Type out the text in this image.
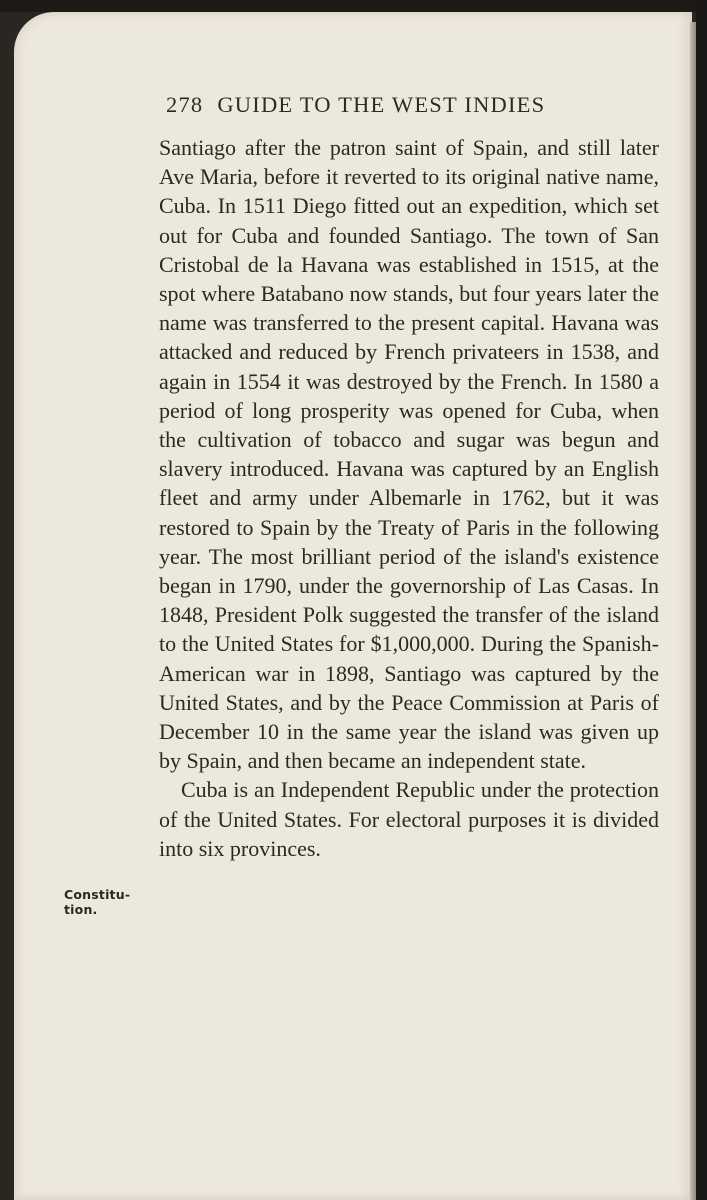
278 GUIDE TO THE WEST INDIES

Santiago after the patron saint of Spain, and still later Ave Maria, before it reverted to its original native name, Cuba. In 1511 Diego fitted out an expedition, which set out for Cuba and founded Santiago. The town of San Cristobal de la Havana was established in 1515, at the spot where Batabano now stands, but four years later the name was transferred to the present capital. Havana was attacked and reduced by French privateers in 1538, and again in 1554 it was destroyed by the French. In 1580 a period of long prosperity was opened for Cuba, when the cultivation of tobacco and sugar was begun and slavery introduced. Havana was captured by an English fleet and army under Albemarle in 1762, but it was restored to Spain by the Treaty of Paris in the following year. The most brilliant period of the island's existence began in 1790, under the governorship of Las Casas. In 1848, President Polk suggested the transfer of the island to the United States for $1,000,000. During the Spanish-American war in 1898, Santiago was captured by the United States, and by the Peace Commission at Paris of December 10 in the same year the island was given up by Spain, and then became an independent state.

Cuba is an Independent Republic under the protection of the United States. For electoral purposes it is divided into six provinces.

Constitu-tion.
